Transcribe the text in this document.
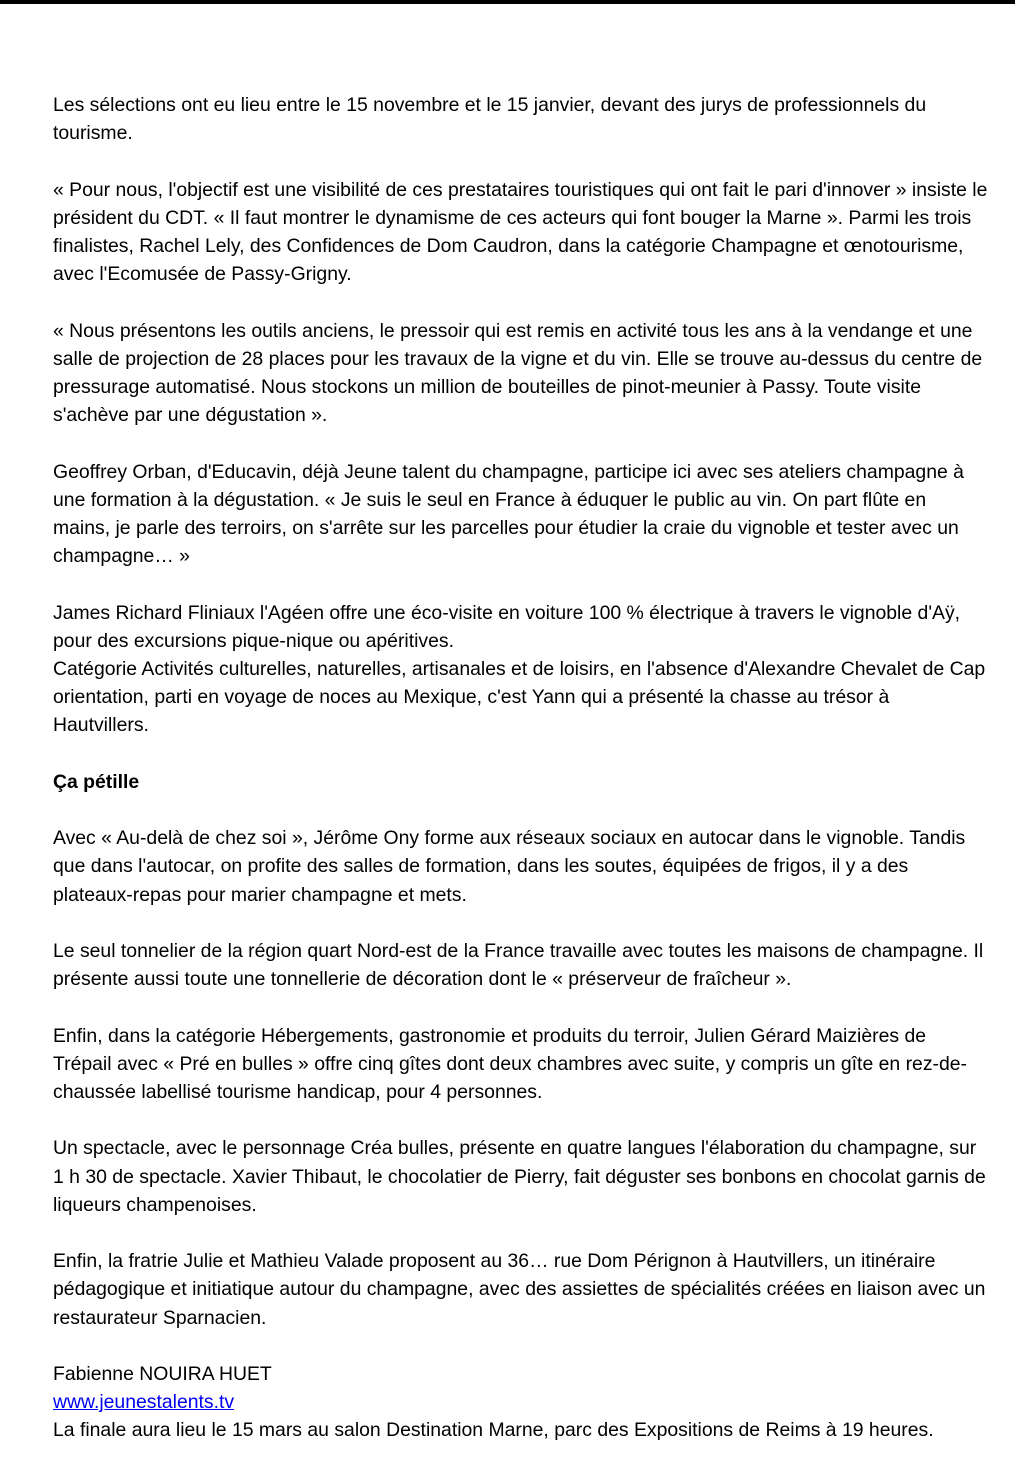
Les sélections ont eu lieu entre le 15 novembre et le 15 janvier, devant des jurys de professionnels du tourisme.

« Pour nous, l'objectif est une visibilité de ces prestataires touristiques qui ont fait le pari d'innover » insiste le président du CDT. « Il faut montrer le dynamisme de ces acteurs qui font bouger la Marne ». Parmi les trois finalistes, Rachel Lely, des Confidences de Dom Caudron, dans la catégorie Champagne et œnotourisme, avec l'Ecomusée de Passy-Grigny.

« Nous présentons les outils anciens, le pressoir qui est remis en activité tous les ans à la vendange et une salle de projection de 28 places pour les travaux de la vigne et du vin. Elle se trouve au-dessus du centre de pressurage automatisé. Nous stockons un million de bouteilles de pinot-meunier à Passy. Toute visite s'achève par une dégustation ».

Geoffrey Orban, d'Educavin, déjà Jeune talent du champagne, participe ici avec ses ateliers champagne à une formation à la dégustation. « Je suis le seul en France à éduquer le public au vin. On part flûte en mains, je parle des terroirs, on s'arrête sur les parcelles pour étudier la craie du vignoble et tester avec un champagne… »

James Richard Fliniaux l'Agéen offre une éco-visite en voiture 100 % électrique à travers le vignoble d'Aÿ, pour des excursions pique-nique ou apéritives.
Catégorie Activités culturelles, naturelles, artisanales et de loisirs, en l'absence d'Alexandre Chevalet de Cap orientation, parti en voyage de noces au Mexique, c'est Yann qui a présenté la chasse au trésor à Hautvillers.

Ça pétille

Avec « Au-delà de chez soi », Jérôme Ony forme aux réseaux sociaux en autocar dans le vignoble. Tandis que dans l'autocar, on profite des salles de formation, dans les soutes, équipées de frigos, il y a des plateaux-repas pour marier champagne et mets.

Le seul tonnelier de la région quart Nord-est de la France travaille avec toutes les maisons de champagne. Il présente aussi toute une tonnellerie de décoration dont le « préserveur de fraîcheur ».

Enfin, dans la catégorie Hébergements, gastronomie et produits du terroir, Julien Gérard Maizières de Trépail avec « Pré en bulles » offre cinq gîtes dont deux chambres avec suite, y compris un gîte en rez-de-chaussée labellisé tourisme handicap, pour 4 personnes.

Un spectacle, avec le personnage Créa bulles, présente en quatre langues l'élaboration du champagne, sur 1 h 30 de spectacle. Xavier Thibaut, le chocolatier de Pierry, fait déguster ses bonbons en chocolat garnis de liqueurs champenoises.

Enfin, la fratrie Julie et Mathieu Valade proposent au 36… rue Dom Pérignon à Hautvillers, un itinéraire pédagogique et initiatique autour du champagne, avec des assiettes de spécialités créées en liaison avec un restaurateur Sparnacien.

Fabienne NOUIRA HUET
www.jeunestalents.tv
La finale aura lieu le 15 mars au salon Destination Marne, parc des Expositions de Reims à 19 heures.
